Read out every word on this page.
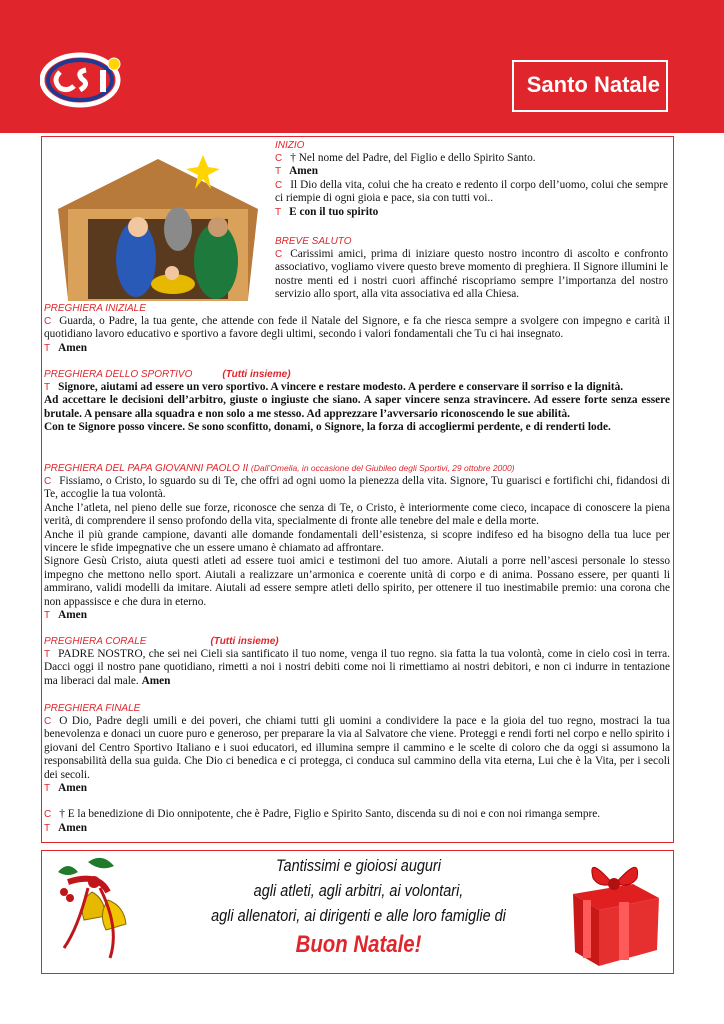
Santo Natale

INIZIO

C † Nel nome del Padre, del Figlio e dello Spirito Santo.

T Amen

C Il Dio della vita, colui che ha creato e redento il corpo dell’uomo, colui che sempre ci riempie di ogni gioia e pace, sia con tutti voi..

T E con il tuo spirito

BREVE SALUTO

C Carissimi amici, prima di iniziare questo nostro incontro di ascolto e confronto associativo, vogliamo vivere questo breve momento di preghiera. Il Signore illumini le nostre menti ed i nostri cuori affinché riscopriamo sempre l’importanza del nostro servizio allo sport, alla vita associativa ed alla Chiesa.

PREGHIERA INIZIALE

C Guarda, o Padre, la tua gente, che attende con fede il Natale del Signore, e fa che riesca sempre a svolgere con impegno e carità il quotidiano lavoro educativo e sportivo a favore degli ultimi, secondo i valori fondamentali che Tu ci hai insegnato.

T Amen

PREGHIERA DELLO SPORTIVO	(Tutti insieme)

T Signore, aiutami ad essere un vero sportivo. A vincere e restare modesto. A perdere e conservare il sorriso e la dignità.

Ad accettare le decisioni dell’arbitro, giuste o ingiuste che siano. A saper vincere senza stravincere. Ad essere forte senza essere brutale. A pensare alla squadra e non solo a me stesso. Ad apprezzare l’avversario riconoscendo le sue abilità.

Con te Signore posso vincere. Se sono sconfitto, donami, o Signore, la forza di accogliermi perdente, e di renderti lode.

PREGHIERA DEL PAPA GIOVANNI PAOLO II (Dall’Omelia, in occasione del Giubileo degli Sportivi, 29 ottobre 2000)

C Fissiamo, o Cristo, lo sguardo su di Te, che offri ad ogni uomo la pienezza della vita. Signore, Tu guarisci e fortifichi chi, fidandosi di Te, accoglie la tua volontà.

Anche l’atleta, nel pieno delle sue forze, riconosce che senza di Te, o Cristo, è interiormente come cieco, incapace di conoscere la piena verità, di comprendere il senso profondo della vita, specialmente di fronte alle tenebre del male e della morte.

Anche il più grande campione, davanti alle domande fondamentali dell’esistenza, si scopre indifeso ed ha bisogno della tua luce per vincere le sfide impegnative che un essere umano è chiamato ad affrontare.

Signore Gesù Cristo, aiuta questi atleti ad essere tuoi amici e testimoni del tuo amore. Aiutali a porre nell’ascesi personale lo stesso impegno che mettono nello sport. Aiutali a realizzare un’armonica e coerente unità di corpo e di anima. Possano essere, per quanti li ammirano, validi modelli da imitare. Aiutali ad essere sempre atleti dello spirito, per ottenere il tuo inestimabile premio: una corona che non appassisce e che dura in eterno.

T Amen

PREGHIERA CORALE	(Tutti insieme)

T PADRE NOSTRO, che sei nei Cieli sia santificato il tuo nome, venga il tuo regno. sia fatta la tua volontà, come in cielo così in terra. Dacci oggi il nostro pane quotidiano, rimetti a noi i nostri debiti come noi li rimettiamo ai nostri debitori, e non ci indurre in tentazione ma liberaci dal male. Amen

PREGHIERA FINALE

C O Dio, Padre degli umili e dei poveri, che chiami tutti gli uomini a condividere la pace e la gioia del tuo regno, mostraci la tua benevolenza e donaci un cuore puro e generoso, per preparare la via al Salvatore che viene. Proteggi e rendi forti nel corpo e nello spirito i giovani del Centro Sportivo Italiano e i suoi educatori, ed illumina sempre il cammino e le scelte di coloro che da oggi si assumono la responsabilità della sua guida. Che Dio ci benedica e ci protegga, ci conduca sul cammino della vita eterna, Lui che è la Vita, per i secoli dei secoli.

T Amen

C † E la benedizione di Dio onnipotente, che è Padre, Figlio e Spirito Santo, discenda su di noi e con noi rimanga sempre.

T Amen

Tantissimi e gioiosi auguri
agli atleti, agli arbitri, ai volontari,
agli allenatori, ai dirigenti e alle loro famiglie di
Buon Natale!
